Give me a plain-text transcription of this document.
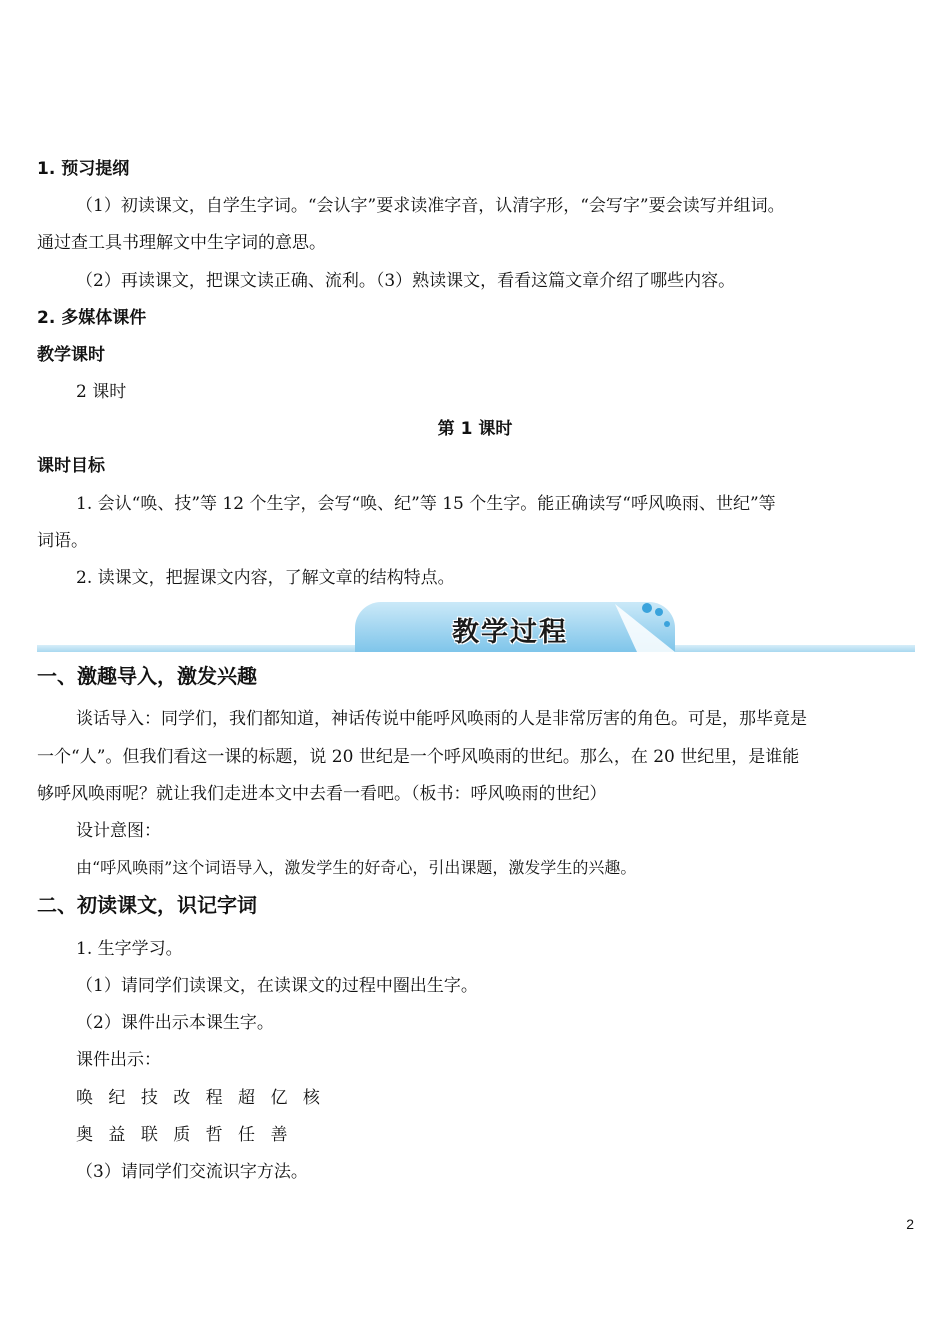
1. 预习提纲
（1）初读课文，自学生字词。“会认字”要求读准字音，认清字形，“会写字”要会读写并组词。
通过查工具书理解文中生字词的意思。
（2）再读课文，把课文读正确、流利。（3）熟读课文，看看这篇文章介绍了哪些内容。
2. 多媒体课件
教学课时
2 课时
第 1 课时
课时目标
1. 会认“唤、技”等 12 个生字，会写“唤、纪”等 15 个生字。能正确读写“呼风唤雨、世纪”等
词语。
2. 读课文，把握课文内容，了解文章的结构特点。
教学过程
一、激趣导入，激发兴趣
谈话导入：同学们，我们都知道，神话传说中能呼风唤雨的人是非常厉害的角色。可是，那毕竟是
一个“人”。但我们看这一课的标题，说 20 世纪是一个呼风唤雨的世纪。那么，在 20 世纪里，是谁能
够呼风唤雨呢？就让我们走进本文中去看一看吧。（板书：呼风唤雨的世纪）
设计意图：
由“呼风唤雨”这个词语导入，激发学生的好奇心，引出课题，激发学生的兴趣。
二、初读课文，识记字词
1. 生字学习。
（1）请同学们读课文，在读课文的过程中圈出生字。
（2）课件出示本课生字。
课件出示：
唤 纪 技 改 程 超 亿 核
奥 益 联 质 哲 任 善
（3）请同学们交流识字方法。
2
